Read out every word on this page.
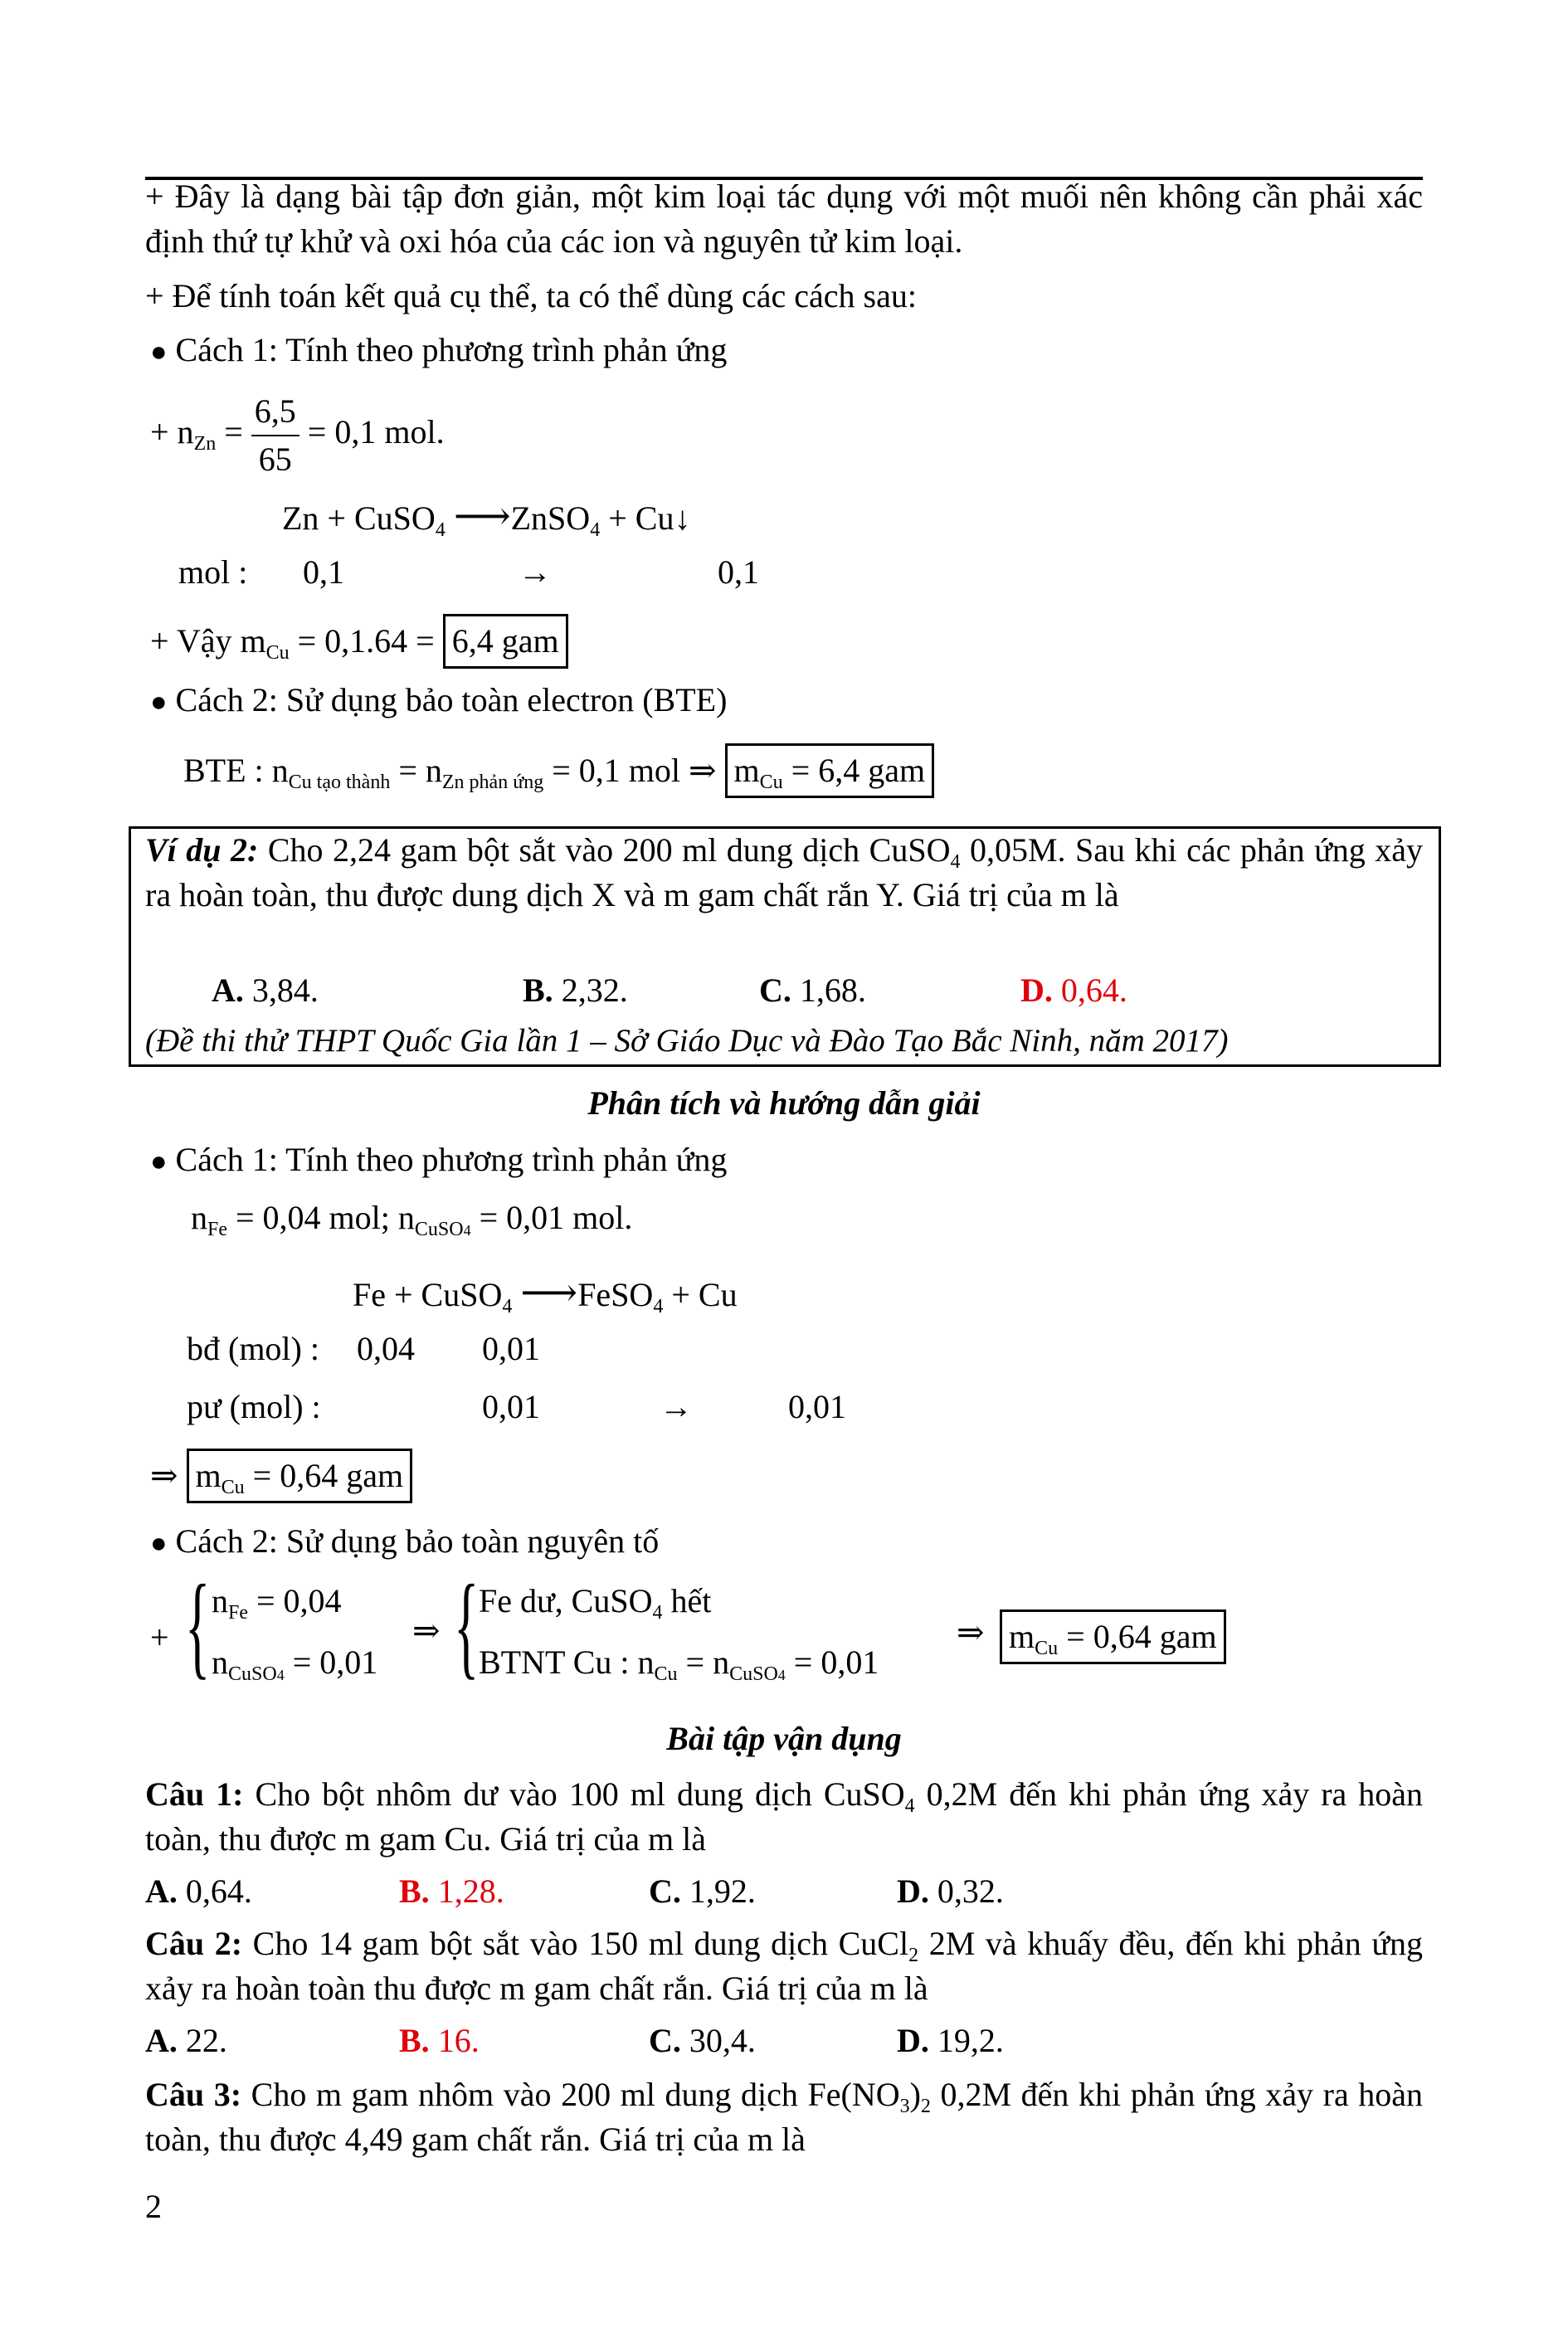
+ Đây là dạng bài tập đơn giản, một kim loại tác dụng với một muối nên không cần phải xác định thứ tự khử và oxi hóa của các ion và nguyên tử kim loại.
+ Để tính toán kết quả cụ thể, ta có thể dùng các cách sau:
● Cách 1: Tính theo phương trình phản ứng
+ $n_{Zn} = \frac{6,5}{65} = 0,1$ mol.
Zn + CuSO$_4$ ⟶ZnSO$_4$ + Cu↓
mol : 0,1	→	0,1
+ Vậy $m_{Cu} = 0,1.64 = 6,4$ gam
● Cách 2: Sử dụng bảo toàn electron (BTE)
BTE : $n_{Cu tạo thành} = n_{Zn phản ứng} = 0,1$ mol ⇒ $m_{Cu} = 6,4$ gam
Ví dụ 2: Cho 2,24 gam bột sắt vào 200 ml dung dịch CuSO$_4$ 0,05M. Sau khi các phản ứng xảy ra hoàn toàn, thu được dung dịch X và m gam chất rắn Y. Giá trị của m là
A. 3,84.	B. 2,32.	C. 1,68.	D. 0,64.
(Đề thi thử THPT Quốc Gia lần 1 – Sở Giáo Dục và Đào Tạo Bắc Ninh, năm 2017)
Phân tích và hướng dẫn giải
● Cách 1: Tính theo phương trình phản ứng
$n_{Fe} = 0,04$ mol; $n_{CuSO4} = 0,01$ mol.
Fe + CuSO$_4$ ⟶FeSO$_4$ + Cu
bđ (mol) : 0,04 0,01
pư (mol) :	0,01	→	0,01
⇒ $m_{Cu} = 0,64$ gam
● Cách 2: Sử dụng bảo toàn nguyên tố
+ { $n_{Fe} = 0,04$
$n_{CuSO4} = 0,01$
⇒ { Fe dư, CuSO$_4$ hết
BTNT Cu : $n_{Cu} = n_{CuSO4} = 0,01$
⇒ $m_{Cu} = 0,64$ gam
Bài tập vận dụng
Câu 1: Cho bột nhôm dư vào 100 ml dung dịch CuSO$_4$ 0,2M đến khi phản ứng xảy ra hoàn toàn, thu được m gam Cu. Giá trị của m là
A. 0,64.	B. 1,28.	C. 1,92.	D. 0,32.
Câu 2: Cho 14 gam bột sắt vào 150 ml dung dịch CuCl$_2$ 2M và khuấy đều, đến khi phản ứng xảy ra hoàn toàn thu được m gam chất rắn. Giá trị của m là
A. 22.	B. 16.	C. 30,4.	D. 19,2.
Câu 3: Cho m gam nhôm vào 200 ml dung dịch $Fe(NO_3)_2$ 0,2M đến khi phản ứng xảy ra hoàn toàn, thu được 4,49 gam chất rắn. Giá trị của m là
2
